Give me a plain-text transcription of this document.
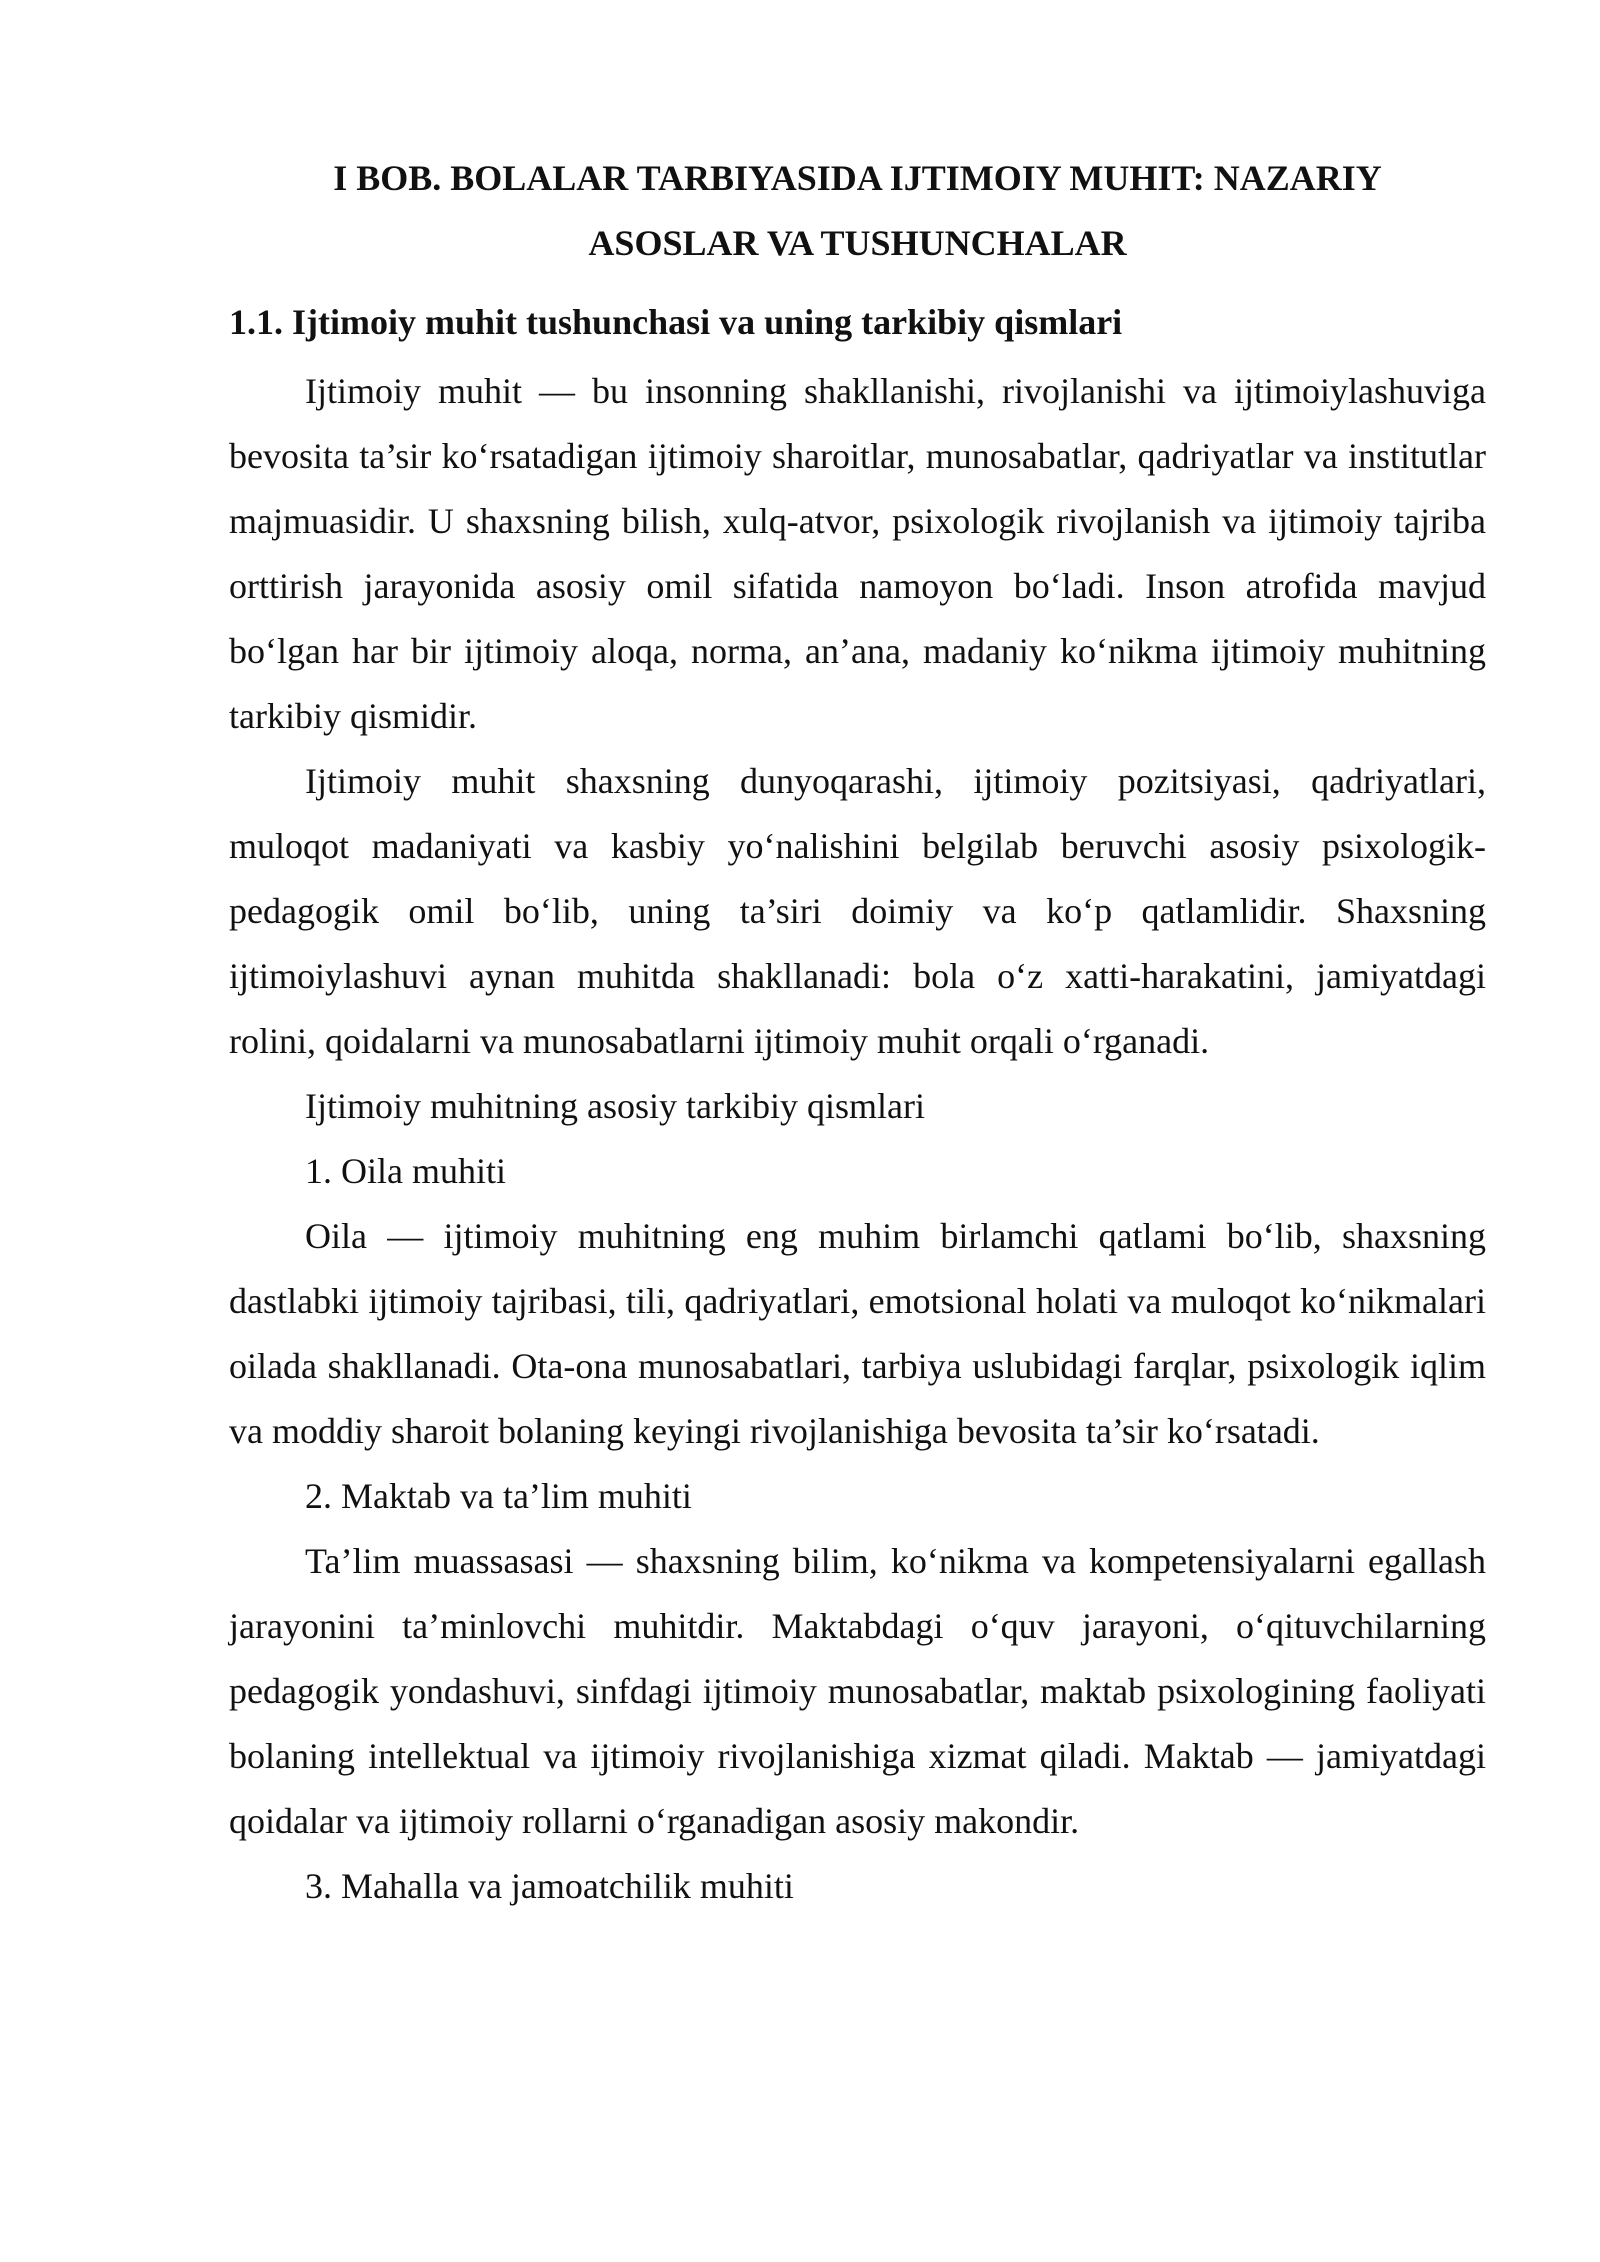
I BOB. BOLALAR TARBIYASIDA IJTIMOIY MUHIT: NAZARIY

ASOSLAR VA TUSHUNCHALAR

1.1. Ijtimoiy muhit tushunchasi va uning tarkibiy qismlari

Ijtimoiy muhit — bu insonning shakllanishi, rivojlanishi va ijtimoiylashuviga bevosita ta’sir ko‘rsatadigan ijtimoiy sharoitlar, munosabatlar, qadriyatlar va institutlar majmuasidir. U shaxsning bilish, xulq-atvor, psixologik rivojlanish va ijtimoiy tajriba orttirish jarayonida asosiy omil sifatida namoyon bo‘ladi. Inson atrofida mavjud bo‘lgan har bir ijtimoiy aloqa, norma, an’ana, madaniy ko‘nikma ijtimoiy muhitning tarkibiy qismidir.

Ijtimoiy muhit shaxsning dunyoqarashi, ijtimoiy pozitsiyasi, qadriyatlari, muloqot madaniyati va kasbiy yo‘nalishini belgilab beruvchi asosiy psixologik-pedagogik omil bo‘lib, uning ta’siri doimiy va ko‘p qatlamlidir. Shaxsning ijtimoiylashuvi aynan muhitda shakllanadi: bola o‘z xatti-harakatini, jamiyatdagi rolini, qoidalarni va munosabatlarni ijtimoiy muhit orqali o‘rganadi.

Ijtimoiy muhitning asosiy tarkibiy qismlari

1. Oila muhiti

Oila — ijtimoiy muhitning eng muhim birlamchi qatlami bo‘lib, shaxsning dastlabki ijtimoiy tajribasi, tili, qadriyatlari, emotsional holati va muloqot ko‘nikmalari oilada shakllanadi. Ota-ona munosabatlari, tarbiya uslubidagi farqlar, psixologik iqlim va moddiy sharoit bolaning keyingi rivojlanishiga bevosita ta’sir ko‘rsatadi.

2. Maktab va ta’lim muhiti

Ta’lim muassasasi — shaxsning bilim, ko‘nikma va kompetensiyalarni egallash jarayonini ta’minlovchi muhitdir. Maktabdagi o‘quv jarayoni, o‘qituvchilarning pedagogik yondashuvi, sinfdagi ijtimoiy munosabatlar, maktab psixologining faoliyati bolaning intellektual va ijtimoiy rivojlanishiga xizmat qiladi. Maktab — jamiyatdagi qoidalar va ijtimoiy rollarni o‘rganadigan asosiy makondir.

3. Mahalla va jamoatchilik muhiti
